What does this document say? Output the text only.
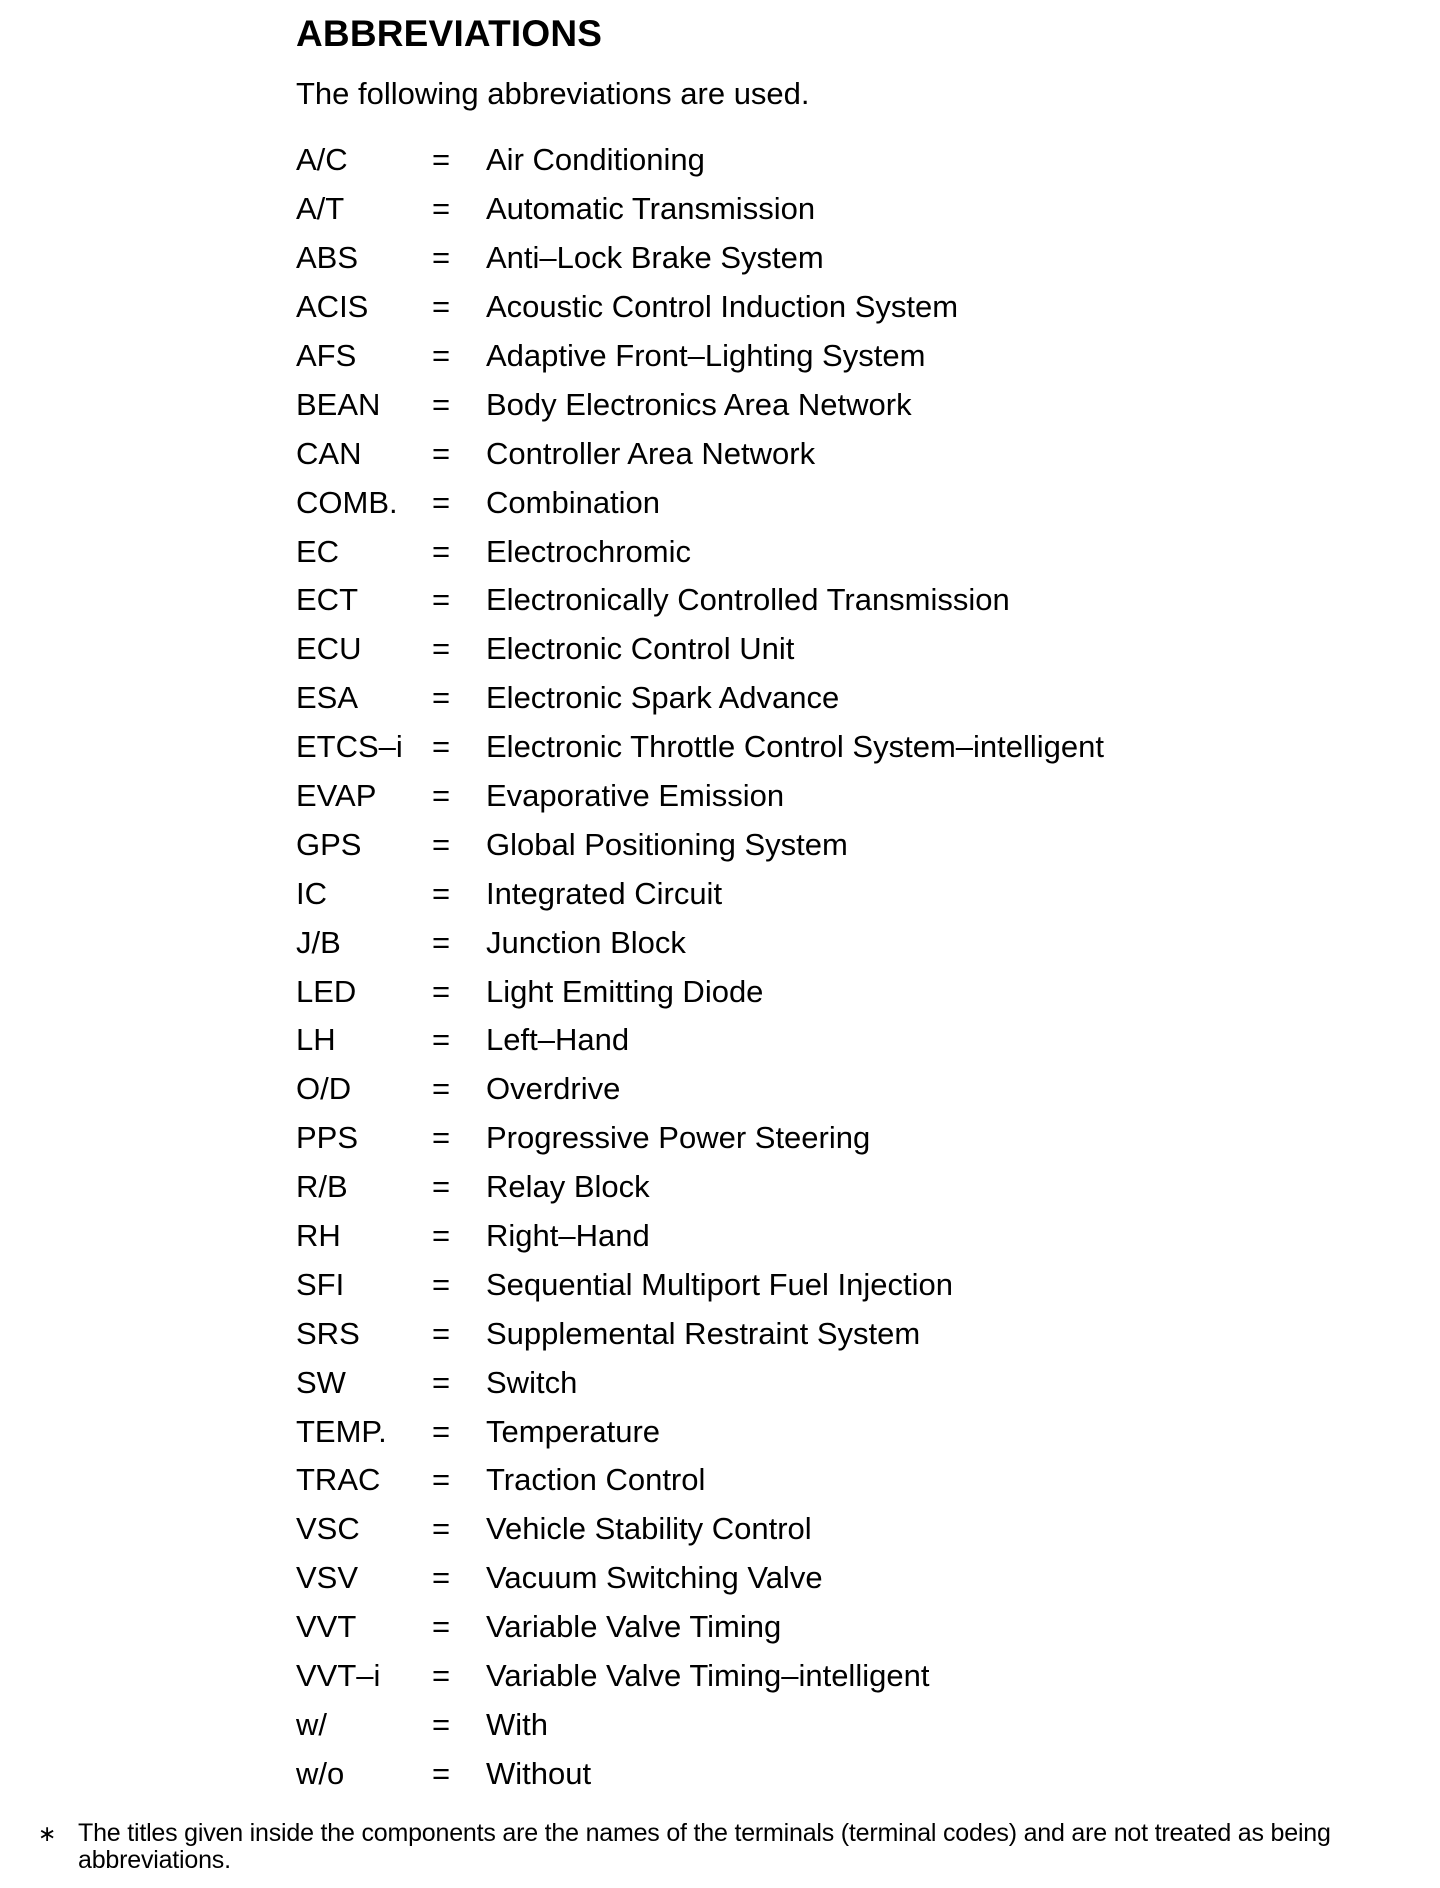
ABBREVIATIONS

The following abbreviations are used.

A/C	=	Air Conditioning
A/T	=	Automatic Transmission
ABS	=	Anti–Lock Brake System
ACIS	=	Acoustic Control Induction System
AFS	=	Adaptive Front–Lighting System
BEAN	=	Body Electronics Area Network
CAN	=	Controller Area Network
COMB.	=	Combination
EC	=	Electrochromic
ECT	=	Electronically Controlled Transmission
ECU	=	Electronic Control Unit
ESA	=	Electronic Spark Advance
ETCS–i =	Electronic Throttle Control System–intelligent
EVAP	=	Evaporative Emission
GPS	=	Global Positioning System
IC	=	Integrated Circuit
J/B	=	Junction Block
LED	=	Light Emitting Diode
LH	=	Left–Hand
O/D	=	Overdrive
PPS	=	Progressive Power Steering
R/B	=	Relay Block
RH	=	Right–Hand
SFI	=	Sequential Multiport Fuel Injection
SRS	=	Supplemental Restraint System
SW	=	Switch
TEMP.	=	Temperature
TRAC	=	Traction Control
VSC	=	Vehicle Stability Control
VSV	=	Vacuum Switching Valve
VVT	=	Variable Valve Timing
VVT–i	=	Variable Valve Timing–intelligent
w/	=	With
w/o	=	Without
∗ The titles given inside the components are the names of the terminals (terminal codes) and are not treated as being abbreviations.
